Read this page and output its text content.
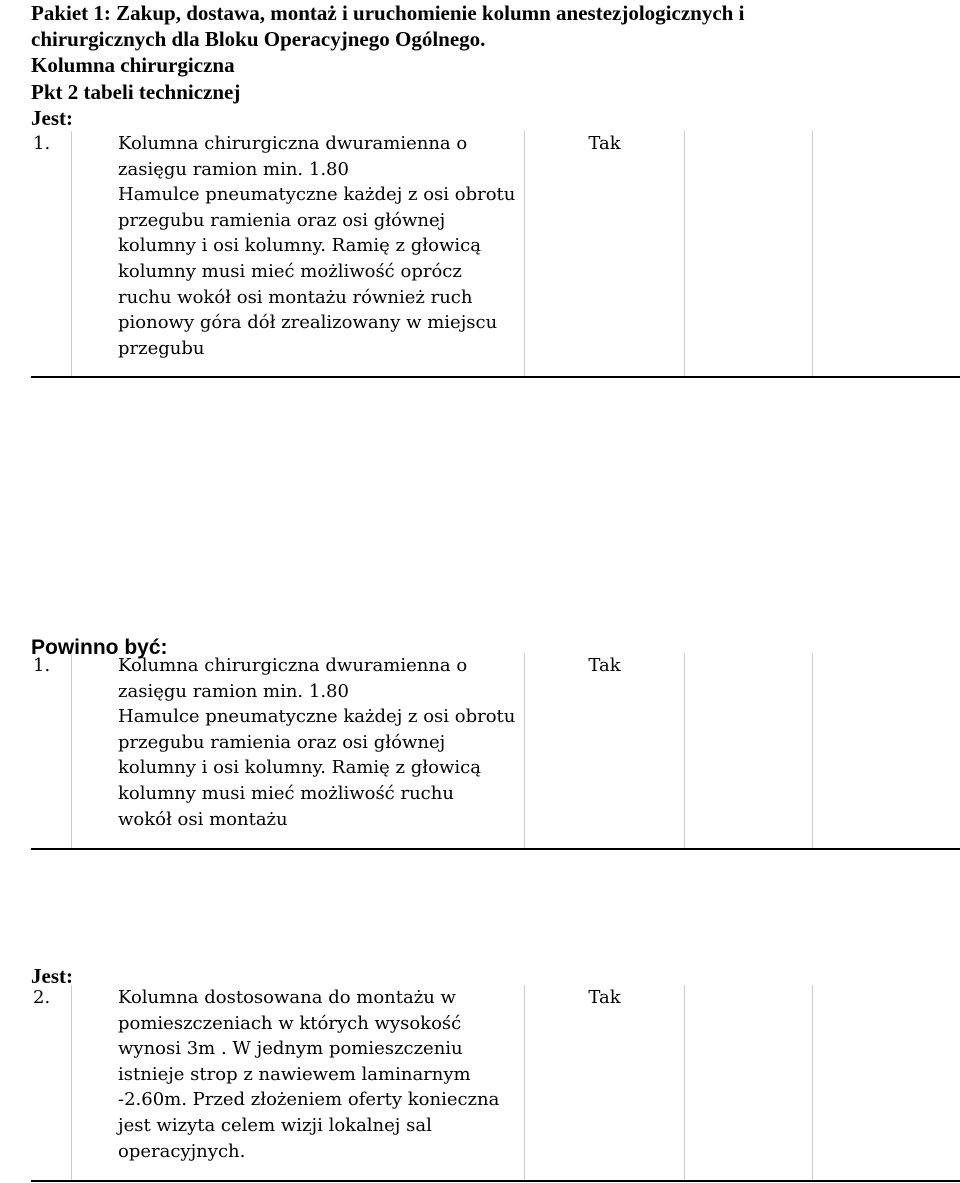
Pakiet 1: Zakup, dostawa, montaż i uruchomienie kolumn anestezjologicznych i
chirurgicznych dla Bloku Operacyjnego Ogólnego.
Kolumna chirurgiczna
Pkt 2 tabeli technicznej
Jest:
1.	Kolumna chirurgiczna dwuramienna o
zasięgu ramion min. 1.80
Hamulce pneumatyczne każdej z osi obrotu
przegubu ramienia oraz osi głównej
kolumny i osi kolumny. Ramię z głowicą
kolumny musi mieć możliwość oprócz
ruchu wokół osi montażu również ruch
pionowy góra dół zrealizowany w miejscu
przegubu
	Tak		
Powinno być:
1.	Kolumna chirurgiczna dwuramienna o
zasięgu ramion min. 1.80
Hamulce pneumatyczne każdej z osi obrotu
przegubu ramienia oraz osi głównej
kolumny i osi kolumny. Ramię z głowicą
kolumny musi mieć możliwość ruchu
wokół osi montażu
	Tak		
Jest:
2.	Kolumna dostosowana do montażu w
pomieszczeniach w których wysokość
wynosi 3m . W jednym pomieszczeniu
istnieje strop z nawiewem laminarnym
-2.60m. Przed złożeniem oferty konieczna
jest wizyta celem wizji lokalnej sal
operacyjnych.
	Tak		
